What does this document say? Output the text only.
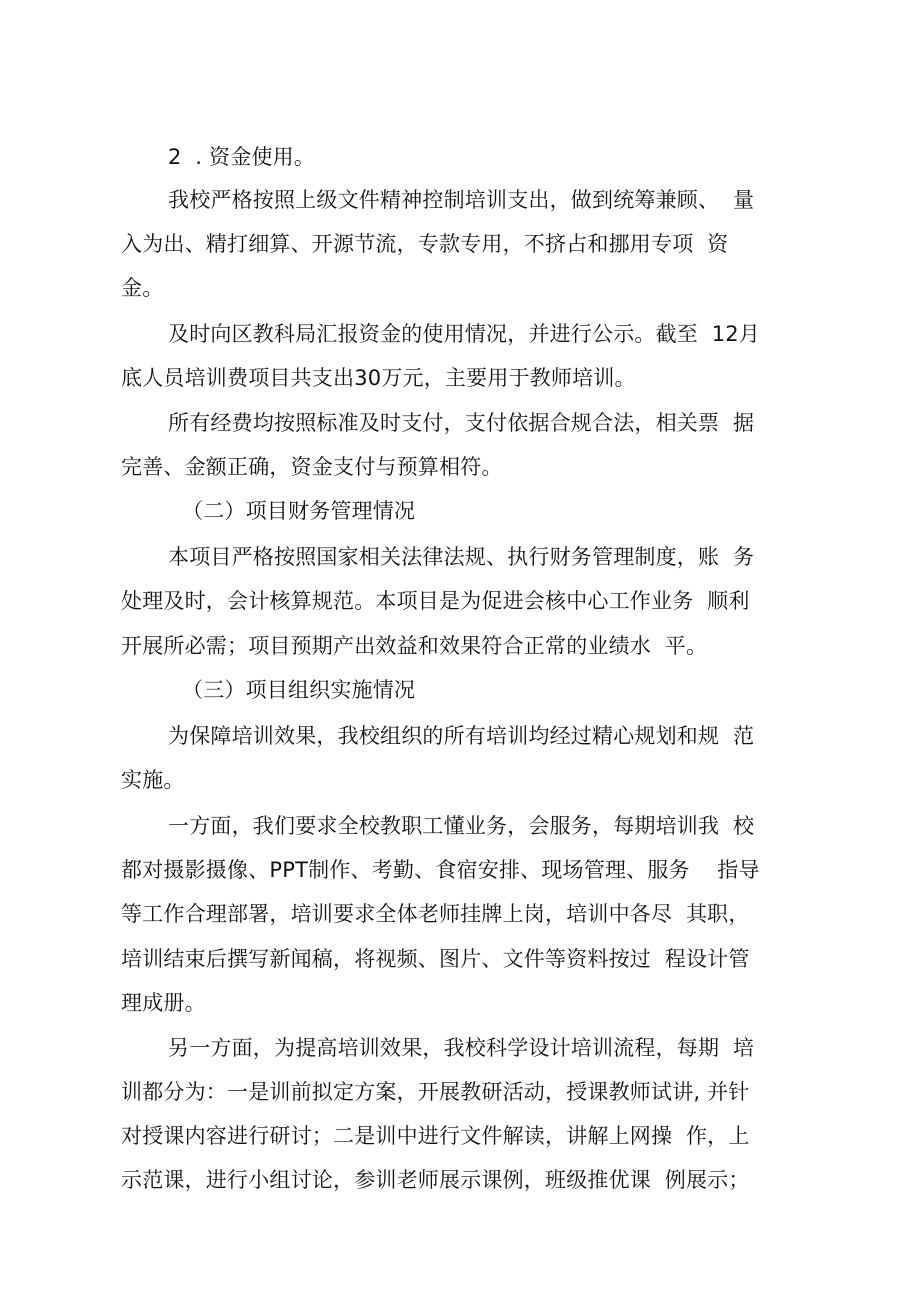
2  . 资金使用。
我校严格按照上级文件精神控制培训支出，做到统筹兼顾、  量
入为出、精打细算、开源节流，专款专用，不挤占和挪用专项  资
金。
及时向区教科局汇报资金的使用情况，并进行公示。截至  12月
底人员培训费项目共支出30万元，主要用于教师培训。
所有经费均按照标准及时支付，支付依据合规合法，相关票  据
完善、金额正确，资金支付与预算相符。
（二）项目财务管理情况
本项目严格按照国家相关法律法规、执行财务管理制度，账  务
处理及时，会计核算规范。本项目是为促进会核中心工作业务  顺利
开展所必需；项目预期产出效益和效果符合正常的业绩水  平。
（三）项目组织实施情况
为保障培训效果，我校组织的所有培训均经过精心规划和规  范
实施。
一方面，我们要求全校教职工懂业务，会服务，每期培训我  校
都对摄影摄像、PPT制作、考勤、食宿安排、现场管理、服务    指导
等工作合理部署，培训要求全体老师挂牌上岗，培训中各尽  其职，
培训结束后撰写新闻稿，将视频、图片、文件等资料按过  程设计管
理成册。
另一方面，为提高培训效果，我校科学设计培训流程，每期  培
训都分为：一是训前拟定方案，开展教研活动，授课教师试讲, 并针
对授课内容进行研讨；二是训中进行文件解读，讲解上网操  作，上
示范课，进行小组讨论，参训老师展示课例，班级推优课  例展示；
